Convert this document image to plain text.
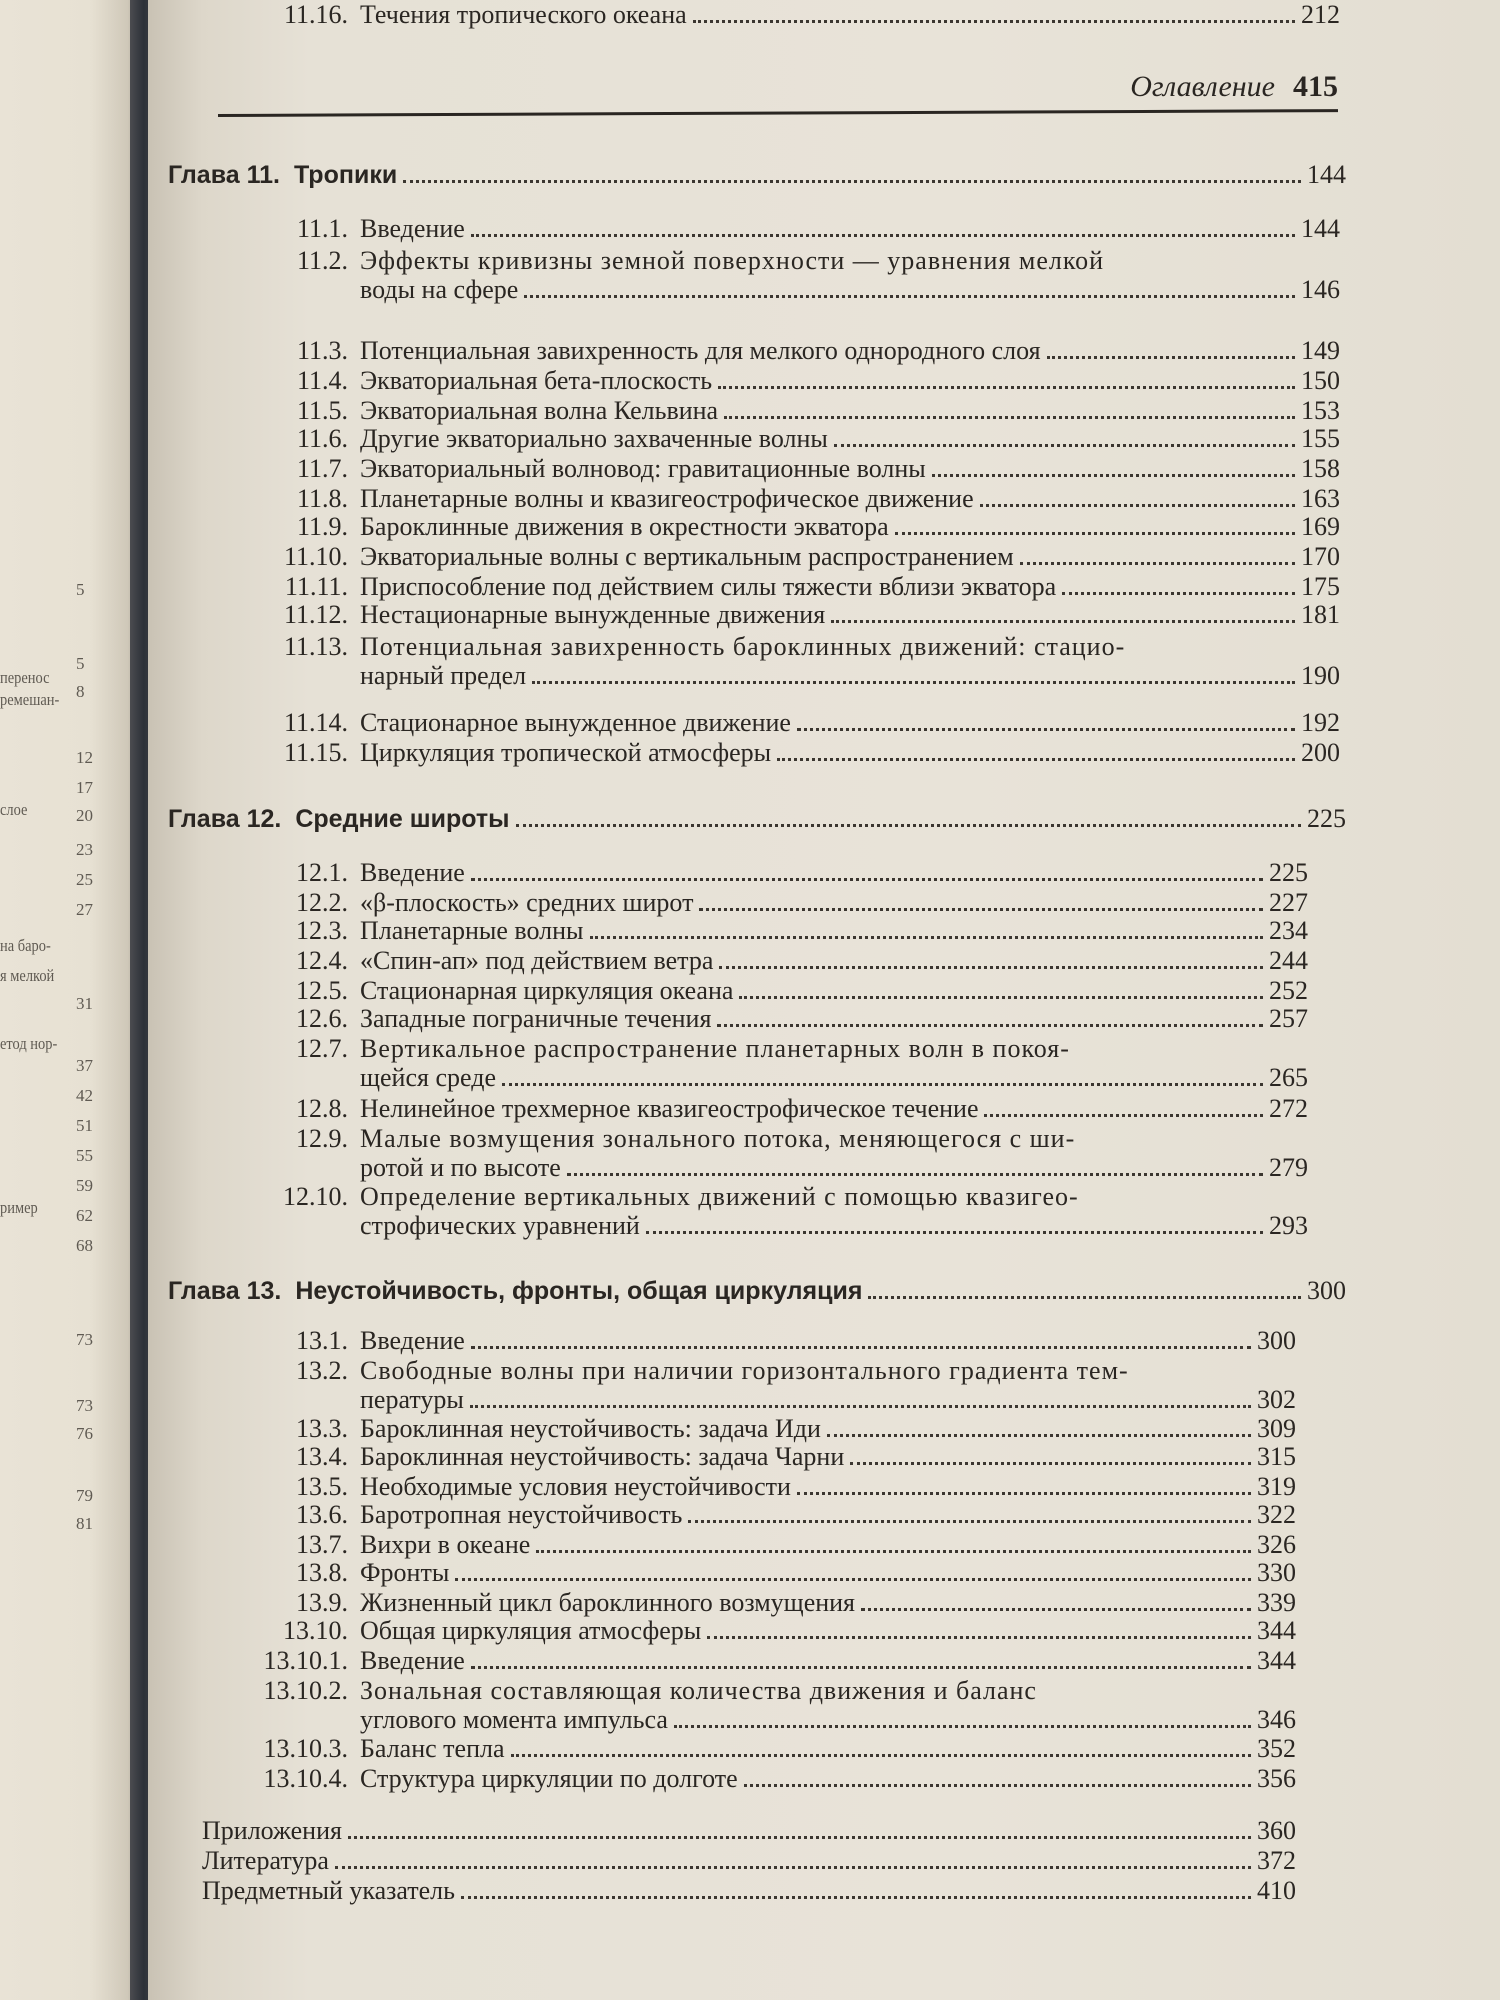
перенос
ремешан-
слое
на баро-
я мелкой
етод нор-
ример
5
5
8
12
17
20
23
25
27
31
37
42
51
55
59
62
68
73
73
76
79
81
Оглавление 415
Глава 11. Тропики	144
11.1. Введение	144
11.2. Эффекты кривизны земной поверхности — уравнения мелкой
воды на сфере	146
11.3. Потенциальная завихренность для мелкого однородного слоя	149
11.4. Экваториальная бета-плоскость	150
11.5. Экваториальная волна Кельвина	153
11.6. Другие экваториально захваченные волны	155
11.7. Экваториальный волновод: гравитационные волны	158
11.8. Планетарные волны и квазигеострофическое движение	163
11.9. Бароклинные движения в окрестности экватора	169
11.10. Экваториальные волны с вертикальным распространением	170
11.11. Приспособление под действием силы тяжести вблизи экватора	175
11.12. Нестационарные вынужденные движения	181
11.13. Потенциальная завихренность бароклинных движений: стацио-
нарный предел	190
11.14. Стационарное вынужденное движение	192
11.15. Циркуляция тропической атмосферы	200
11.16. Течения тропического океана	212
Глава 12. Средние широты	225
12.1. Введение	225
12.2. «β-плоскость» средних широт	227
12.3. Планетарные волны	234
12.4. «Спин-ап» под действием ветра	244
12.5. Стационарная циркуляция океана	252
12.6. Западные пограничные течения	257
12.7. Вертикальное распространение планетарных волн в покоя-
щейся среде	265
12.8. Нелинейное трехмерное квазигеострофическое течение	272
12.9. Малые возмущения зонального потока, меняющегося с ши-
ротой и по высоте	279
12.10. Определение вертикальных движений с помощью квазигео-
строфических уравнений	293
Глава 13. Неустойчивость, фронты, общая циркуляция	300
13.1. Введение	300
13.2. Свободные волны при наличии горизонтального градиента тем-
пературы	302
13.3. Бароклинная неустойчивость: задача Иди	309
13.4. Бароклинная неустойчивость: задача Чарни	315
13.5. Необходимые условия неустойчивости	319
13.6. Баротропная неустойчивость	322
13.7. Вихри в океане	326
13.8. Фронты	330
13.9. Жизненный цикл бароклинного возмущения	339
13.10. Общая циркуляция атмосферы	344
13.10.1. Введение	344
13.10.2. Зональная составляющая количества движения и баланс
углового момента импульса	346
13.10.3. Баланс тепла	352
13.10.4. Структура циркуляции по долготе	356
Приложения	360
Литература	372
Предметный указатель	410
